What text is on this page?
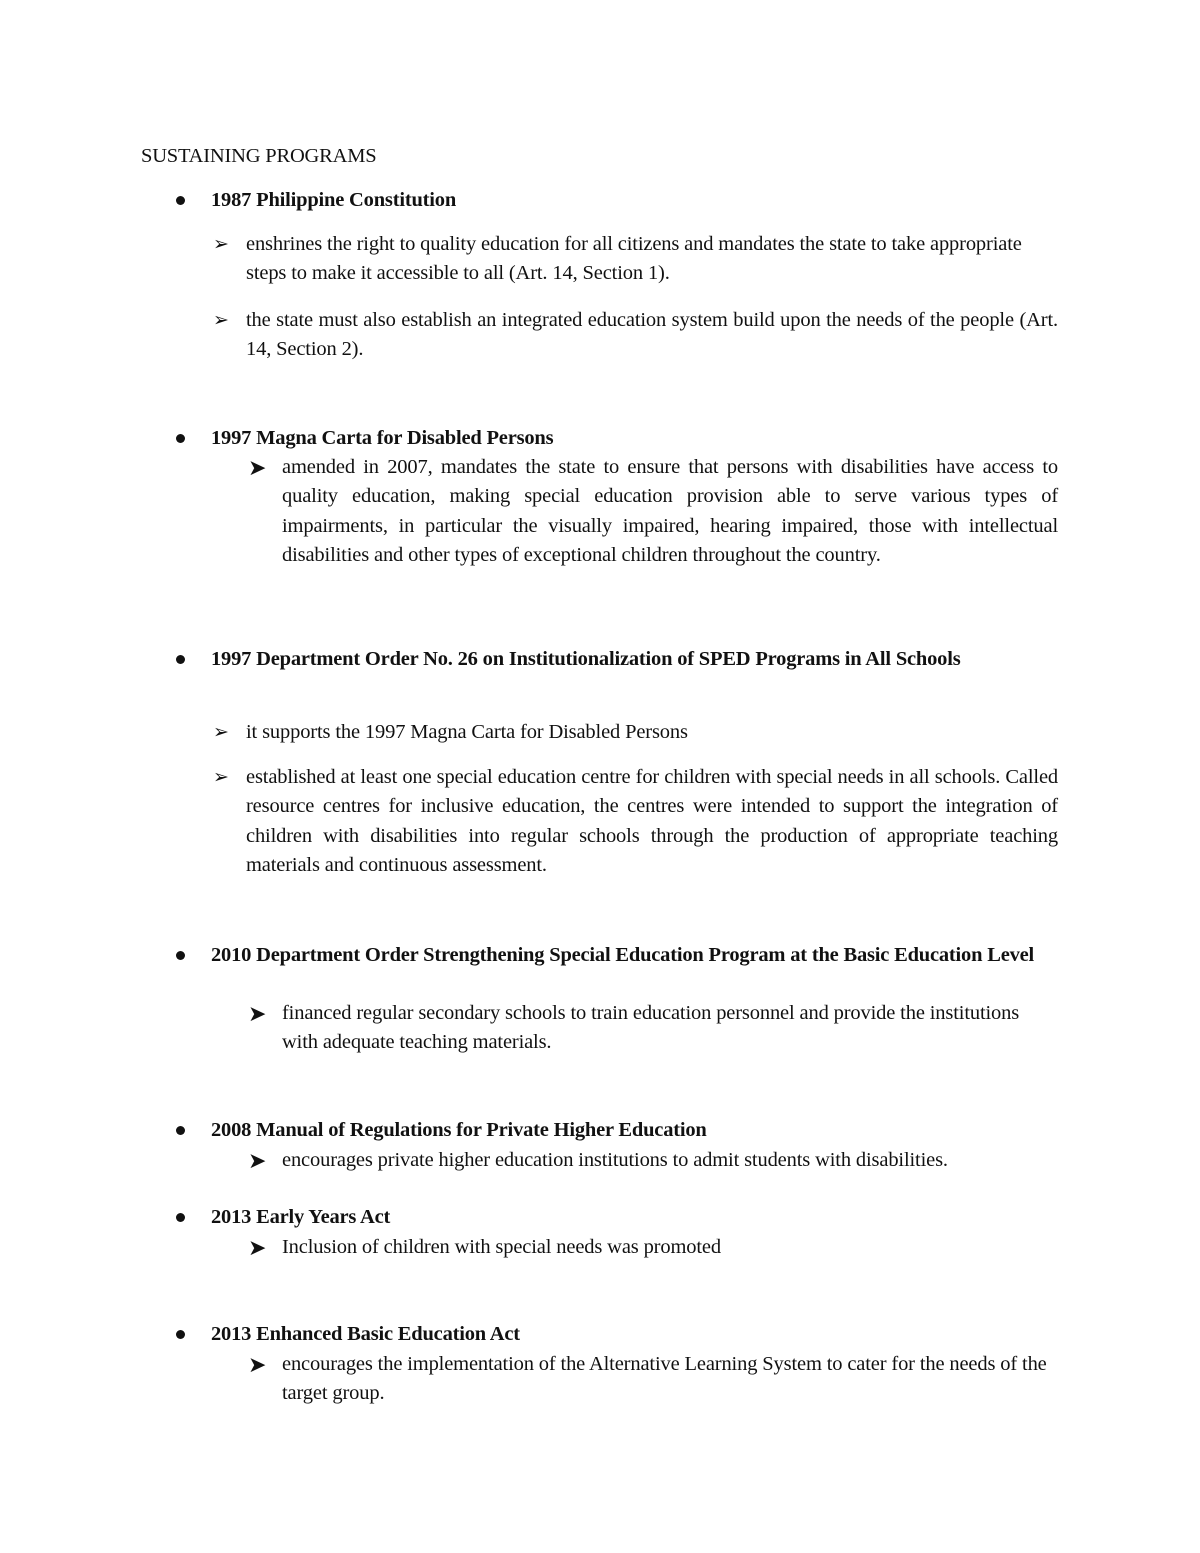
SUSTAINING PROGRAMS
1987 Philippine Constitution
➢ enshrines the right to quality education for all citizens and mandates the state to take appropriate steps to make it accessible to all (Art. 14, Section 1).
➢ the state must also establish an integrated education system build upon the needs of the people (Art. 14, Section 2).
1997 Magna Carta for Disabled Persons
➤ amended in 2007, mandates the state to ensure that persons with disabilities have access to quality education, making special education provision able to serve various types of impairments, in particular the visually impaired, hearing impaired, those with intellectual disabilities and other types of exceptional children throughout the country.
1997 Department Order No. 26 on Institutionalization of SPED Programs in All Schools
➢ it supports the 1997 Magna Carta for Disabled Persons
➢ established at least one special education centre for children with special needs in all schools. Called resource centres for inclusive education, the centres were intended to support the integration of children with disabilities into regular schools through the production of appropriate teaching materials and continuous assessment.
2010 Department Order Strengthening Special Education Program at the Basic Education Level
➤ financed regular secondary schools to train education personnel and provide the institutions with adequate teaching materials.
2008 Manual of Regulations for Private Higher Education
➤ encourages private higher education institutions to admit students with disabilities.
2013 Early Years Act
➤ Inclusion of children with special needs was promoted
2013 Enhanced Basic Education Act
➤ encourages the implementation of the Alternative Learning System to cater for the needs of the target group.
